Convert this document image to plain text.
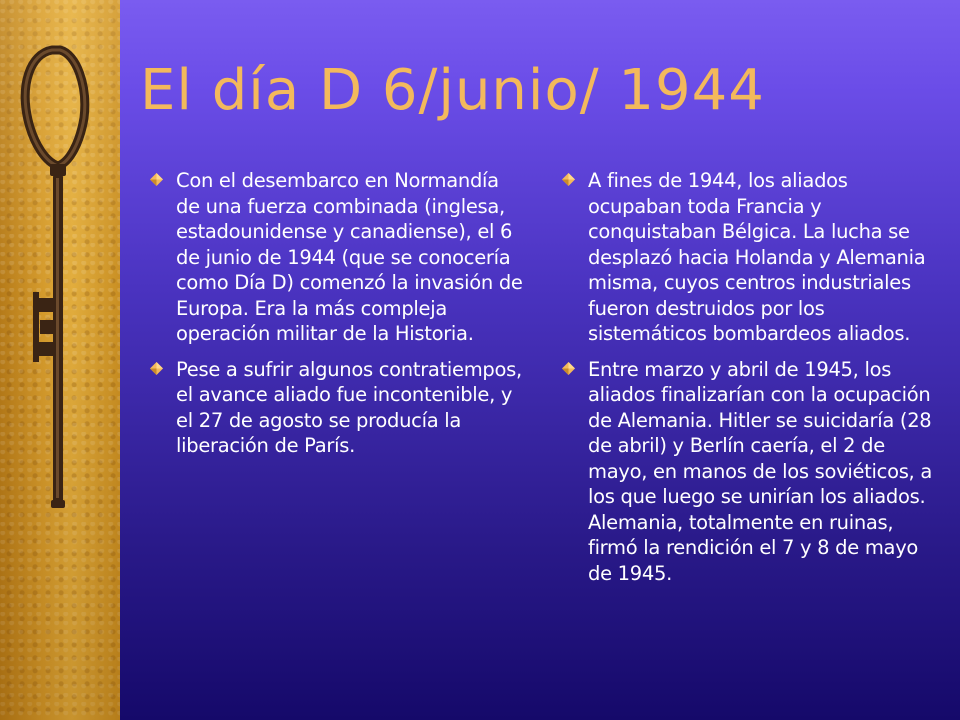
El día D 6/junio/ 1944
Con el desembarco en Normandía de una fuerza combinada (inglesa, estadounidense y canadiense), el 6 de junio de 1944 (que se conocería como Día D) comenzó la invasión de Europa. Era la más compleja operación militar de la Historia.
Pese a sufrir algunos contratiempos, el avance aliado fue incontenible, y el 27 de agosto se producía la liberación de París.
A fines de 1944, los aliados ocupaban toda Francia y conquistaban Bélgica. La lucha se desplazó hacia Holanda y Alemania misma, cuyos centros industriales fueron destruidos por los sistemáticos bombardeos aliados.
Entre marzo y abril de 1945, los aliados finalizarían con la ocupación de Alemania. Hitler se suicidaría (28 de abril) y Berlín caería, el 2 de mayo, en manos de los soviéticos, a los que luego se unirían los aliados. Alemania, totalmente en ruinas, firmó la rendición el 7 y 8 de mayo de 1945.
